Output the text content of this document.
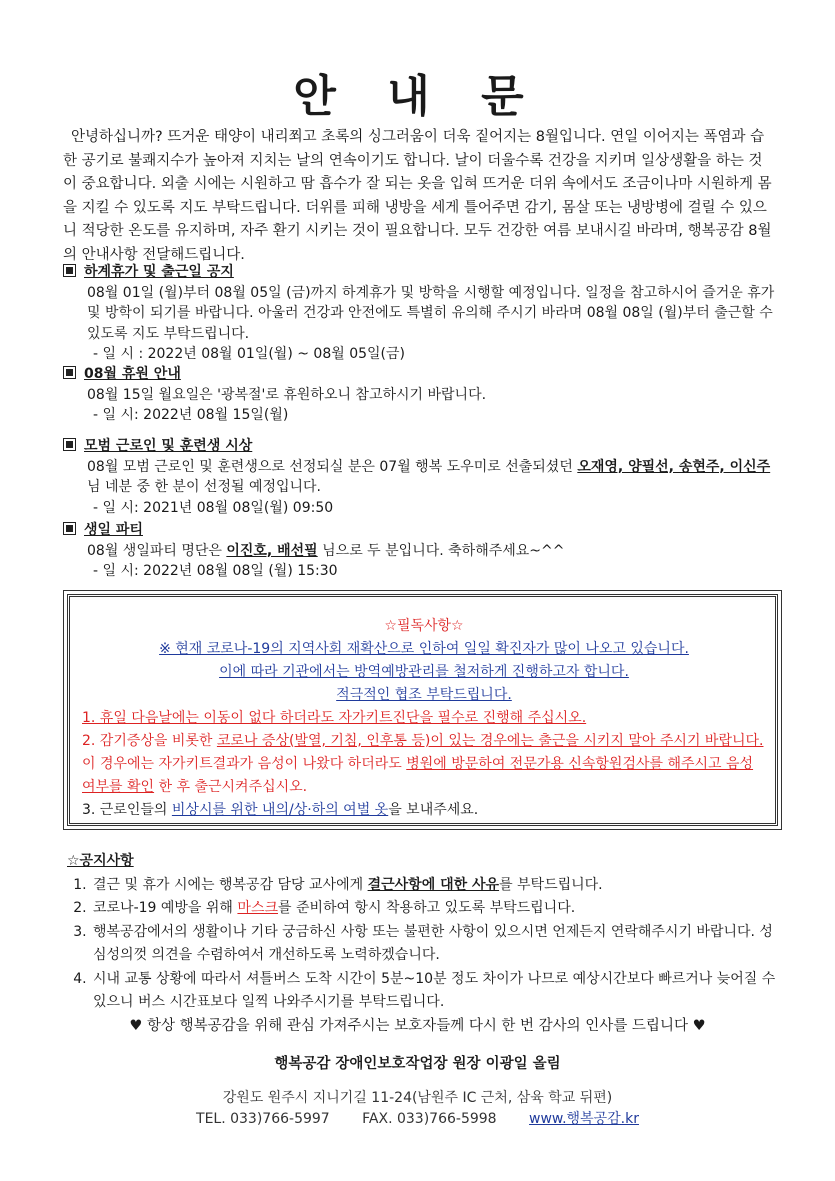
안 내 문
안녕하십니까? 뜨거운 태양이 내리쬐고 초록의 싱그러움이 더욱 짙어지는 8월입니다. 연일 이어지는 폭염과 습한 공기로 불쾌지수가 높아져 지치는 날의 연속이기도 합니다. 날이 더울수록 건강을 지키며 일상생활을 하는 것이 중요합니다. 외출 시에는 시원하고 땀 흡수가 잘 되는 옷을 입혀 뜨거운 더위 속에서도 조금이나마 시원하게 몸을 지킬 수 있도록 지도 부탁드립니다. 더위를 피해 냉방을 세게 틀어주면 감기, 몸살 또는 냉방병에 걸릴 수 있으니 적당한 온도를 유지하며, 자주 환기 시키는 것이 필요합니다. 모두 건강한 여름 보내시길 바라며, 행복공감 8월의 안내사항 전달해드립니다.
하계휴가 및 출근일 공지
08월 01일 (월)부터 08월 05일 (금)까지 하계휴가 및 방학을 시행할 예정입니다. 일정을 참고하시어 즐거운 휴가 및 방학이 되기를 바랍니다. 아울러 건강과 안전에도 특별히 유의해 주시기 바라며 08월 08일 (월)부터 출근할 수 있도록 지도 부탁드립니다.
- 일 시 : 2022년 08월 01일(월) ~ 08월 05일(금)
08월 휴원 안내
08월 15일 월요일은 '광복절'로 휴원하오니 참고하시기 바랍니다.
- 일 시: 2022년 08월 15일(월)
모범 근로인 및 훈련생 시상
08월 모범 근로인 및 훈련생으로 선정되실 분은 07월 행복 도우미로 선출되셨던 오재영, 양필선, 송현주, 이신주 님 네분 중 한 분이 선정될 예정입니다.
- 일 시: 2021년 08월 08일(월) 09:50
생일 파티
08월 생일파티 명단은 이진호, 배선필 님으로 두 분입니다. 축하해주세요~^^
- 일 시: 2022년 08월 08일 (월) 15:30
☆필독사항☆
※ 현재 코로나-19의 지역사회 재확산으로 인하여 일일 확진자가 많이 나오고 있습니다.
이에 따라 기관에서는 방역예방관리를 철저하게 진행하고자 합니다.
적극적인 협조 부탁드립니다.
1. 휴일 다음날에는 이동이 없다 하더라도 자가키트진단을 필수로 진행해 주십시오.
2. 감기증상을 비롯한 코로나 증상(발열, 기침, 인후통 등)이 있는 경우에는 출근을 시키지 말아 주시기 바랍니다. 이 경우에는 자가키트결과가 음성이 나왔다 하더라도 병원에 방문하여 전문가용 신속항원검사를 해주시고 음성여부를 확인 한 후 출근시켜주십시오.
3. 근로인들의 비상시를 위한 내의/상·하의 여벌 옷을 보내주세요.
☆공지사항
1. 결근 및 휴가 시에는 행복공감 담당 교사에게 결근사항에 대한 사유를 부탁드립니다.
2. 코로나-19 예방을 위해 마스크를 준비하여 항시 착용하고 있도록 부탁드립니다.
3. 행복공감에서의 생활이나 기타 궁금하신 사항 또는 불편한 사항이 있으시면 언제든지 연락해주시기 바랍니다. 성심성의껏 의견을 수렴하여서 개선하도록 노력하겠습니다.
4. 시내 교통 상황에 따라서 셔틀버스 도착 시간이 5분~10분 정도 차이가 나므로 예상시간보다 빠르거나 늦어질 수 있으니 버스 시간표보다 일찍 나와주시기를 부탁드립니다.
♥ 항상 행복공감을 위해 관심 가져주시는 보호자들께 다시 한 번 감사의 인사를 드립니다 ♥
행복공감 장애인보호작업장 원장 이광일 올림
강원도 원주시 지니기길 11-24(남원주 IC 근처, 삼육 학교 뒤편)
TEL. 033)766-5997 FAX. 033)766-5998 www.행복공감.kr
